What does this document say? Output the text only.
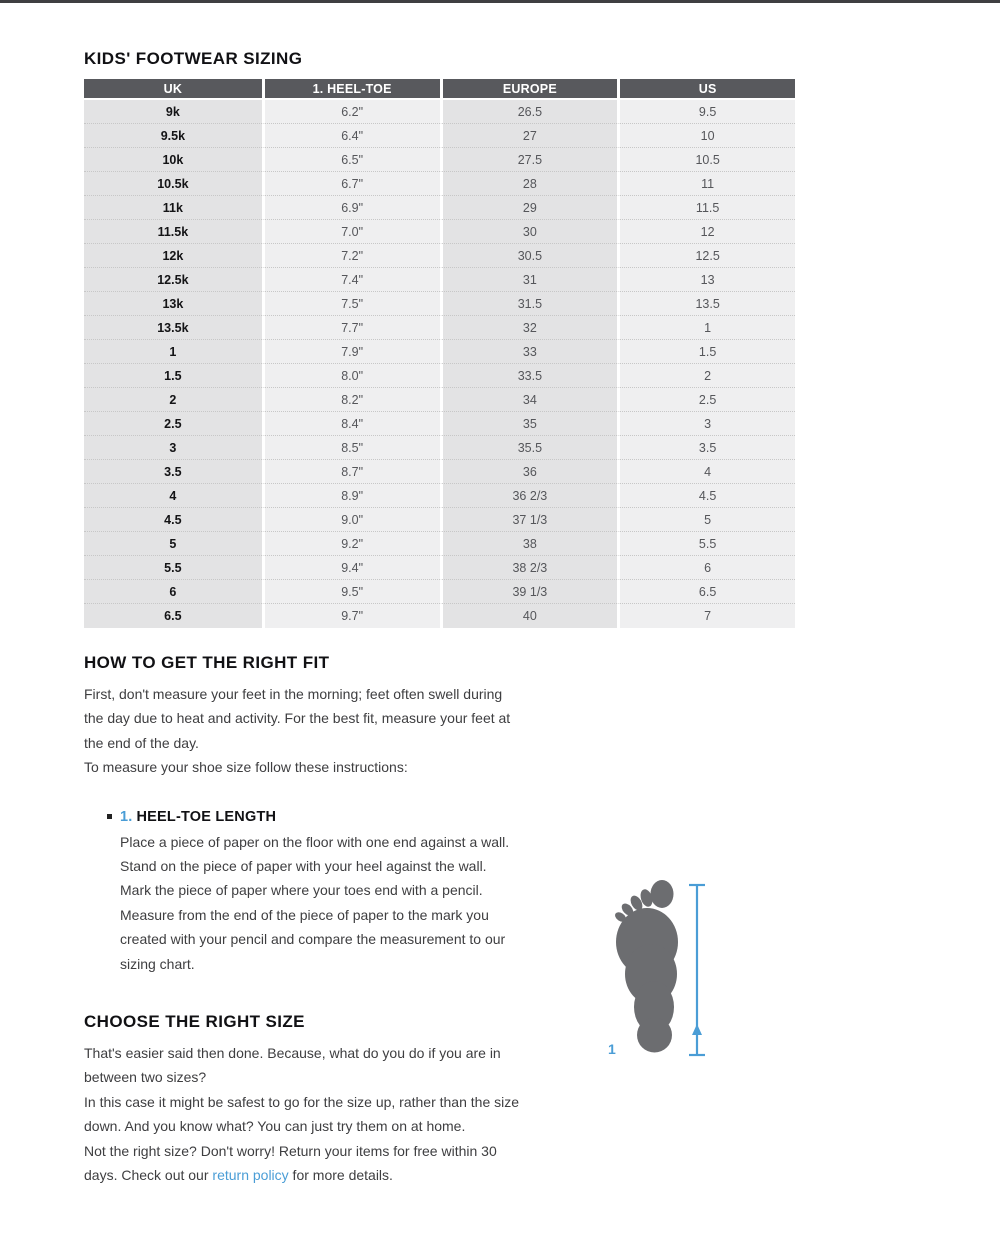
KIDS' FOOTWEAR SIZING
UK	1. HEEL-TOE	EUROPE	US
9k	6.2"	26.5	9.5
9.5k	6.4"	27	10
10k	6.5"	27.5	10.5
10.5k	6.7"	28	11
11k	6.9"	29	11.5
11.5k	7.0"	30	12
12k	7.2"	30.5	12.5
12.5k	7.4"	31	13
13k	7.5"	31.5	13.5
13.5k	7.7"	32	1
1	7.9"	33	1.5
1.5	8.0"	33.5	2
2	8.2"	34	2.5
2.5	8.4"	35	3
3	8.5"	35.5	3.5
3.5	8.7"	36	4
4	8.9"	36 2/3	4.5
4.5	9.0"	37 1/3	5
5	9.2"	38	5.5
5.5	9.4"	38 2/3	6
6	9.5"	39 1/3	6.5
6.5	9.7"	40	7
HOW TO GET THE RIGHT FIT
First, don't measure your feet in the morning; feet often swell during
the day due to heat and activity. For the best fit, measure your feet at
the end of the day.
To measure your shoe size follow these instructions:
1. HEEL-TOE LENGTH
Place a piece of paper on the floor with one end against a wall.
Stand on the piece of paper with your heel against the wall.
Mark the piece of paper where your toes end with a pencil.
Measure from the end of the piece of paper to the mark you
created with your pencil and compare the measurement to our
sizing chart.
CHOOSE THE RIGHT SIZE
That's easier said then done. Because, what do you do if you are in
between two sizes?
In this case it might be safest to go for the size up, rather than the size
down. And you know what? You can just try them on at home.
Not the right size? Don't worry! Return your items for free within 30
days. Check out our return policy for more details.
1
